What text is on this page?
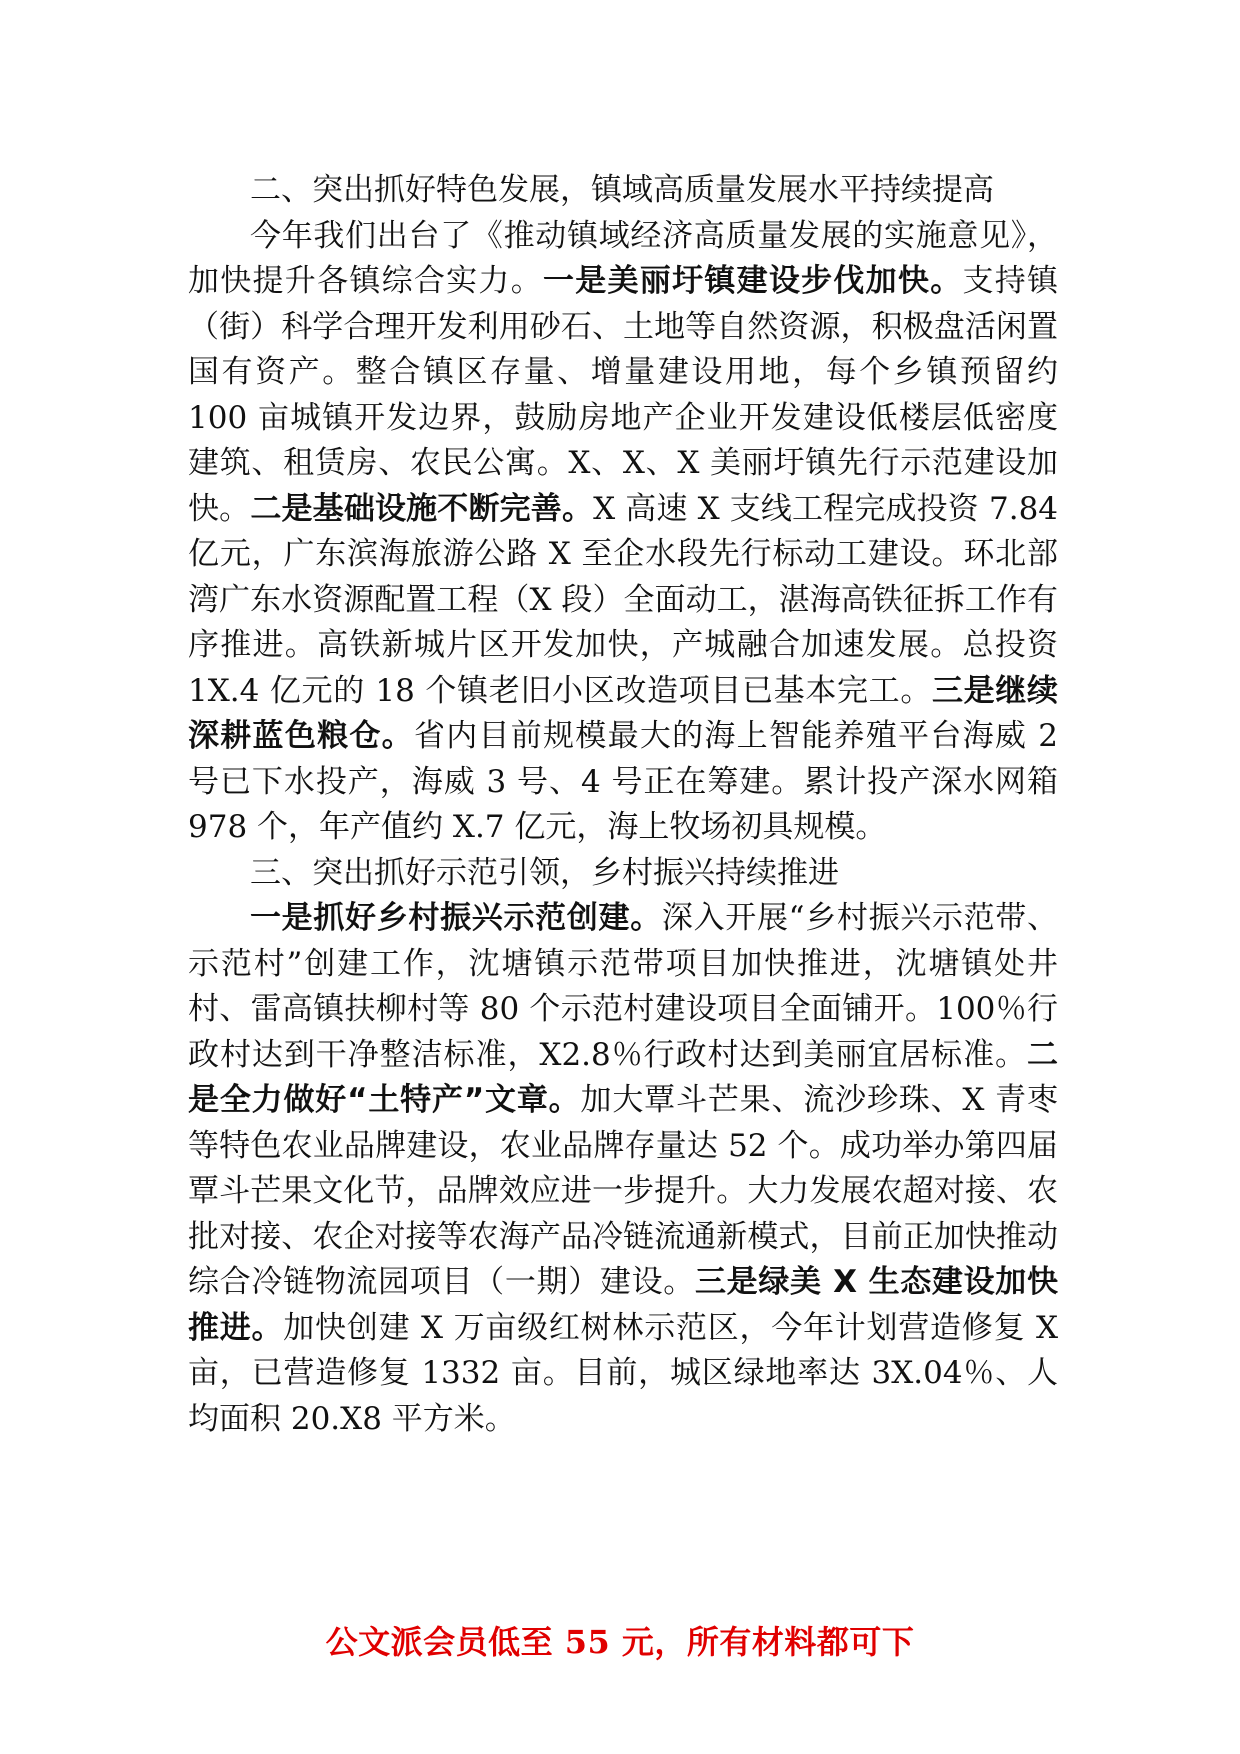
二、突出抓好特色发展，镇域高质量发展水平持续提高

今年我们出台了《推动镇域经济高质量发展的实施意见》，加快提升各镇综合实力。一是美丽圩镇建设步伐加快。支持镇（街）科学合理开发利用砂石、土地等自然资源，积极盘活闲置国有资产。整合镇区存量、增量建设用地，每个乡镇预留约 100 亩城镇开发边界，鼓励房地产企业开发建设低楼层低密度建筑、租赁房、农民公寓。X、X、X 美丽圩镇先行示范建设加快。二是基础设施不断完善。X 高速 X 支线工程完成投资 7.84 亿元，广东滨海旅游公路 X 至企水段先行标动工建设。环北部湾广东水资源配置工程（X 段）全面动工，湛海高铁征拆工作有序推进。高铁新城片区开发加快，产城融合加速发展。总投资 1X.4 亿元的 18 个镇老旧小区改造项目已基本完工。三是继续深耕蓝色粮仓。省内目前规模最大的海上智能养殖平台海威 2 号已下水投产，海威 3 号、4 号正在筹建。累计投产深水网箱 978 个，年产值约 X.7 亿元，海上牧场初具规模。

三、突出抓好示范引领，乡村振兴持续推进

一是抓好乡村振兴示范创建。深入开展“乡村振兴示范带、示范村”创建工作，沈塘镇示范带项目加快推进，沈塘镇处井村、雷高镇扶柳村等 80 个示范村建设项目全面铺开。100％行政村达到干净整洁标准，X2.8％行政村达到美丽宜居标准。二是全力做好“土特产”文章。加大覃斗芒果、流沙珍珠、X 青枣等特色农业品牌建设，农业品牌存量达 52 个。成功举办第四届覃斗芒果文化节，品牌效应进一步提升。大力发展农超对接、农批对接、农企对接等农海产品冷链流通新模式，目前正加快推动综合冷链物流园项目（一期）建设。三是绿美 X 生态建设加快推进。加快创建 X 万亩级红树林示范区，今年计划营造修复 X 亩，已营造修复 1332 亩。目前，城区绿地率达 3X.04％、人均面积 20.X8 平方米。

公文派会员低至 55 元，所有材料都可下
